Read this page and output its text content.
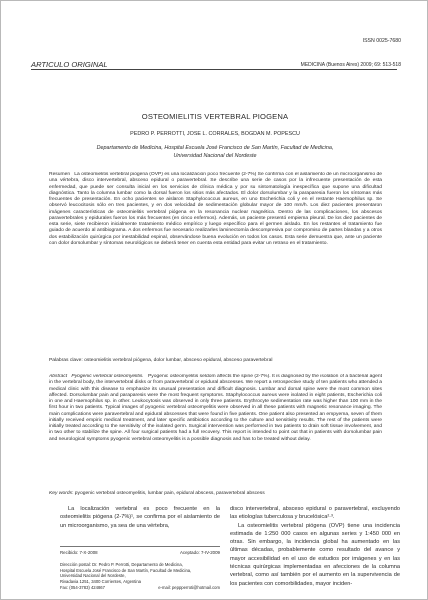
ISSN 0025-7680
ARTICULO ORIGINAL	MEDICINA (Buenos Aires) 2009; 69: 513-518
OSTEOMIELITIS VERTEBRAL PIOGENA
PEDRO P. PERROTTI, JOSE L. CORRALES, BOGDAN M. POPESCU
Departamento de Medicina, Hospital Escuela José Francisco de San Martín, Facultad de Medicina,
Universidad Nacional del Nordeste
Resumen La osteomielitis vertebral piógena (OVP) es una localización poco frecuente (2-7%) Se confirma con el aislamiento de un microorganismo de una vértebra, disco intervertebral, absceso epidural o paravertebral. Se describe una serie de casos por la infrecuente presentación de esta enfermedad, que puede ser consulta inicial en los servicios de clínica médica y por su sintomatología inespecífica que supone una dificultad diagnóstica. Tanto la columna lumbar como la dorsal fueron los sitios más afectados. El dolor dorsolumbar y la paraparesia fueron los síntomas más frecuentes de presentación. En ocho pacientes se aislaron Staphylococcus aureus, en uno Escherichia coli y en el restante Haemophilus sp. Se observó leucocitosis sólo en tres pacientes, y en dos velocidad de sedimentación globular mayor de 100 mm/h. Los diez pacientes presentaron imágenes características de osteomielitis vertebral piógena en la resonancia nuclear magnética. Dentro de las complicaciones, los abscesos paravertebrales y epidurales fueron los más frecuentes (en cinco enfermos). Además, un paciente presentó empiema pleural. De los diez pacientes de esta serie, siete recibieron inicialmente tratamiento médico empírico y luego específico para el germen aislado. En los restantes el tratamiento fue guiado de acuerdo al antibiograma. A dos enfermos fue necesario realizarles laminectomía descompresiva por compromiso de partes blandas y a otros dos estabilización quirúrgica por inestabilidad espinal, observándose buena evolución en todos los casos. Esta serie demuestra que, ante un paciente con dolor dorsolumbar y síntomas neurológicos se deberá tener en cuenta esta entidad para evitar un retraso en el tratamiento.
Palabras clave: osteomielitis vertebral piógena, dolor lumbar, absceso epidural, absceso paravertebral
Abstract Pyogenic vertebral osteomyelitis. Pyogenic osteomyelitis seldom affects the spine (2-7%). It is diagnosed by the isolation of a bacterial agent in the vertebral body, the intervertebral disks or from paravertebral or epidural abscesses. We report a retrospective study of ten patients who attended a medical clinic with this disease to emphasize its unusual presentation and difficult diagnosis. Lumbar and dorsal spine were the most common sites affected. Dorsolumbar pain and paraparesis were the most frequent symptoms. Staphylococcus aureus were isolated in eight patients, Escherichia coli in one and Haemophilus sp. in other. Leukocytosis was observed in only three patients. Erythrocyte sedimentation rate was higher than 100 mm in the first hour in two patients. Typical images of pyogenic vertebral osteomyelitis were observed in all these patients with magnetic resonance imaging. The main complications were paravertebral and epidural abscesses that were found in five patients. One patient also presented an empyema, seven of them initially received empiric medical treatment, and later specific antibiotics according to the culture and sensitivity results. The rest of the patients were initially treated according to the sensitivity of the isolated germ. Surgical intervention was performed in two patients to drain soft tissue involvement, and in two other to stabilize the spine. All four surgical patients had a full recovery. This report is intended to point out that in patients with dorsolumbar pain and neurological symptoms pyogenic vertebral osteomyelitis is a possible diagnosis and has to be treated without delay.
Key words: pyogenic vertebral osteomyelitis, lumbar pain, epidural abscess, paravertebral abscess
La localización vertebral es poco frecuente en la osteomielitis piógena (2-7%)¹, se confirma por el aislamiento de un microorganismo, ya sea de una vértebra,

disco intervertebral, absceso epidural o paravertebral, excluyendo las etiologías tuberculosa y brucelósica²·³.

La osteomielitis vertebral piógena (OVP) tiene una incidencia estimada de 1:250 000 casos en algunas series y 1:450 000 en otras. Sin embargo, la incidencia global ha aumentado en las últimas décadas, probablemente como resultado del avance y mayor accesibilidad en el uso de estudios por imágenes y en las técnicas quirúrgicas implementadas en afecciones de la columna vertebral, como así también por el aumento en la supervivencia de los pacientes con comorbilidades, mayor inciden-

Recibido: 7-X-2008	Aceptado: 7-IV-2009
Dirección postal: Dr. Pedro P. Perrotti, Departamento de Medicina,
Hospital Escuela José Francisco de San Martín, Facultad de Medicina,
Universidad Nacional del Nordeste,
Rivadavia 1251, 3400 Corrientes, Argentina
Fax: (054-3783) 424867	e-mail: peppperroti@hotmail.com
